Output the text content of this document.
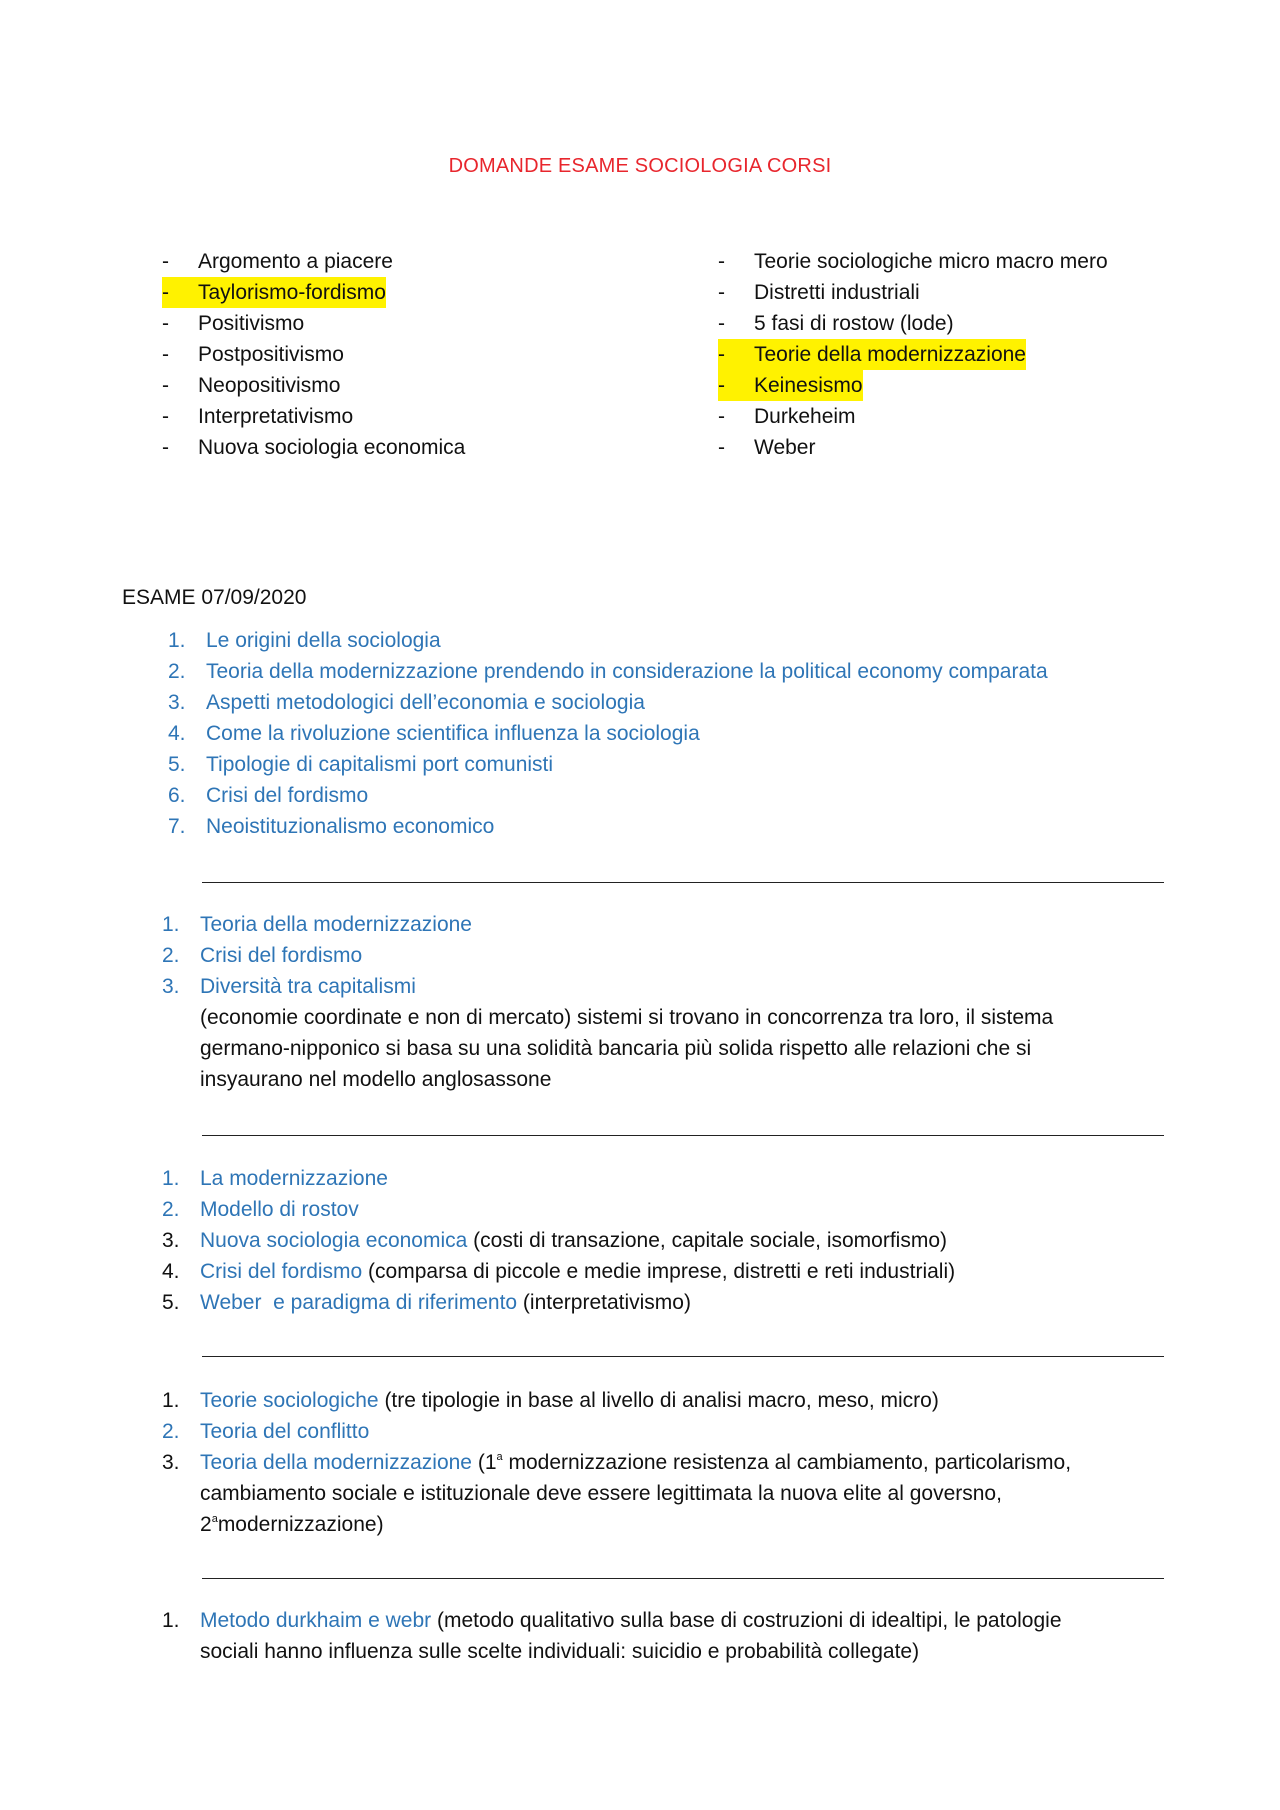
DOMANDE ESAME SOCIOLOGIA CORSI
-	Argomento a piacere
-	Taylorismo-fordismo
-	Positivismo
-	Postpositivismo
-	Neopositivismo
-	Interpretativismo
-	Nuova sociologia economica
-	Teorie sociologiche micro macro mero
-	Distretti industriali
-	5 fasi di rostow (lode)
-	Teorie della modernizzazione
-	Keinesismo
-	Durkeheim
-	Weber
ESAME 07/09/2020
1. Le origini della sociologia
2. Teoria della modernizzazione prendendo in considerazione la political economy comparata
3. Aspetti metodologici dell’economia e sociologia
4. Come la rivoluzione scientifica influenza la sociologia
5. Tipologie di capitalismi port comunisti
6. Crisi del fordismo
7. Neoistituzionalismo economico
1. Teoria della modernizzazione
2. Crisi del fordismo
3. Diversità tra capitalismi
(economie coordinate e non di mercato) sistemi si trovano in concorrenza tra loro, il sistema
germano-nipponico si basa su una solidità bancaria più solida rispetto alle relazioni che si
insyaurano nel modello anglosassone
1. La modernizzazione
2. Modello di rostov
3. Nuova sociologia economica (costi di transazione, capitale sociale, isomorfismo)
4. Crisi del fordismo (comparsa di piccole e medie imprese, distretti e reti industriali)
5. Weber  e paradigma di riferimento (interpretativismo)
1. Teorie sociologiche (tre tipologie in base al livello di analisi macro, meso, micro)
2. Teoria del conflitto
3. Teoria della modernizzazione (1$^a$ modernizzazione resistenza al cambiamento, particolarismo,
cambiamento sociale e istituzionale deve essere legittimata la nuova elite al goversno,
2$^a$modernizzazione)
1. Metodo durkhaim e webr (metodo qualitativo sulla base di costruzioni di idealtipi, le patologie
sociali hanno influenza sulle scelte individuali: suicidio e probabilità collegate)
